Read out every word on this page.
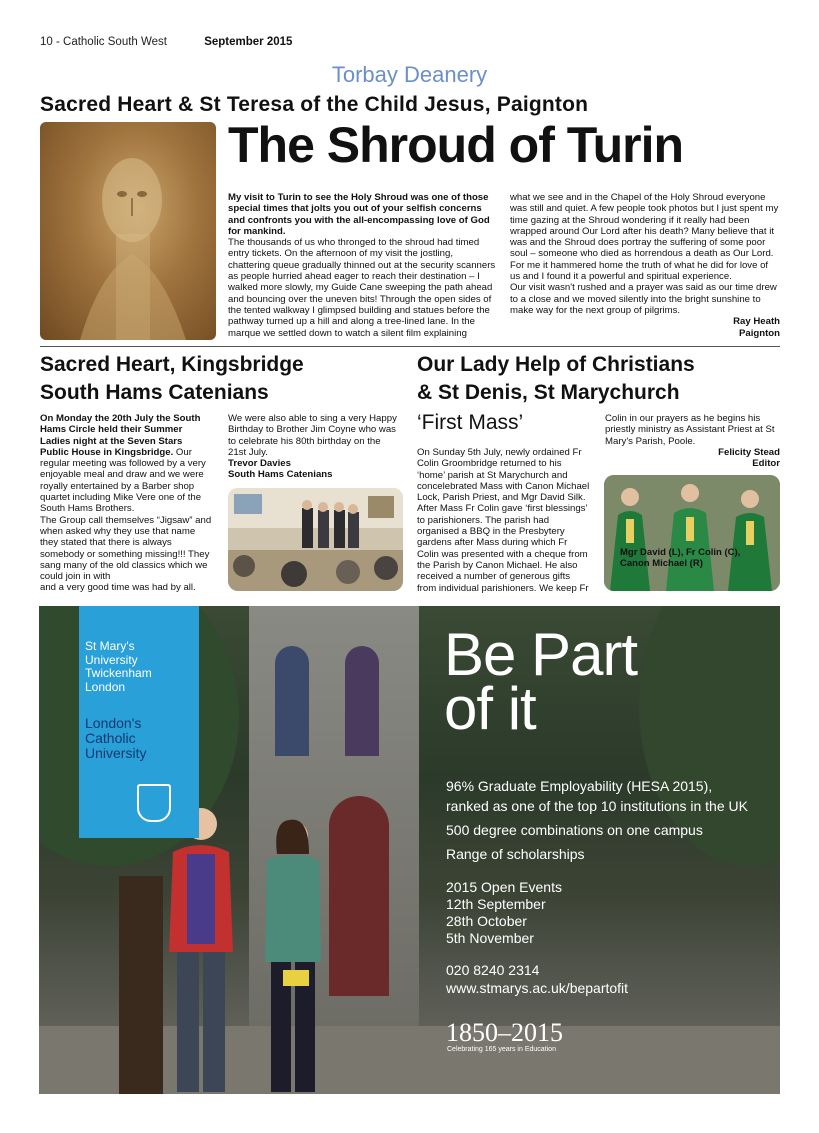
10 - Catholic South West	September 2015
Torbay Deanery
Sacred Heart & St Teresa of the Child Jesus, Paignton
The Shroud of Turin

My visit to Turin to see the Holy Shroud was one of those special times that jolts you out of your selfish concerns and confronts you with the all-encompassing love of God for mankind.

The thousands of us who thronged to the shroud had timed entry tickets. On the afternoon of my visit the jostling, chattering queue gradually thinned out at the security scanners as people hurried ahead eager to reach their destination – I walked more slowly, my Guide Cane sweeping the path ahead and bouncing over the uneven bits! Through the open sides of the tented walkway I glimpsed building and statues before the pathway turned up a hill and along a tree-lined lane. In the marque we settled down to watch a silent film explaining

what we see and in the Chapel of the Holy Shroud everyone was still and quiet. A few people took photos but I just spent my time gazing at the Shroud wondering if it really had been wrapped around Our Lord after his death? Many believe that it was and the Shroud does portray the suffering of some poor soul – someone who died as horrendous a death as Our Lord. For me it hammered home the truth of what he did for love of us and I found it a powerful and spiritual experience.

Our visit wasn't rushed and a prayer was said as our time drew to a close and we moved silently into the bright sunshine to make way for the next group of pilgrims.

Ray Heath

Paignton

Sacred Heart, Kingsbridge
South Hams Catenians

On Monday the 20th July the South Hams Circle held their Summer Ladies night at the Seven Stars Public House in Kingsbridge. Our regular meeting was followed by a very enjoyable meal and draw and we were royally entertained by a Barber shop quartet including Mike Vere one of the South Hams Brothers.

The Group call themselves “Jigsaw” and when asked why they use that name they stated that there is always somebody or something missing!!! They sang many of the old classics which we could join in with

and a very good time was had by all.

We were also able to sing a very Happy Birthday to Brother Jim Coyne who was to celebrate his 80th birthday on the 21st July.

Trevor Davies

South Hams Catenians

Our Lady Help of Christians
& St Denis, St Marychurch
‘First Mass’

On Sunday 5th July, newly ordained Fr Colin Groombridge returned to his ‘home’ parish at St Marychurch and concelebrated Mass with Canon Michael Lock, Parish Priest, and Mgr David Silk. After Mass Fr Colin gave ‘first blessings’ to parishioners. The parish had organised a BBQ in the Presbytery gardens after Mass during which Fr Colin was presented with a cheque from the Parish by Canon Michael. He also received a number of generous gifts from individual parishioners. We keep Fr

Colin in our prayers as he begins his priestly ministry as Assistant Priest at St Mary's Parish, Poole.

Felicity Stead

Editor

Mgr David (L), Fr Colin (C),
Canon Michael (R)
St Mary's
University
Twickenham
London
London's
Catholic
University
Be Part
of it
96% Graduate Employability (HESA 2015),
ranked as one of the top 10 institutions in the UK
500 degree combinations on one campus
Range of scholarships
2015 Open Events
12th September
28th October
5th November
020 8240 2314
www.stmarys.ac.uk/bepartofit
1850–2015
Celebrating 165 years in Education
